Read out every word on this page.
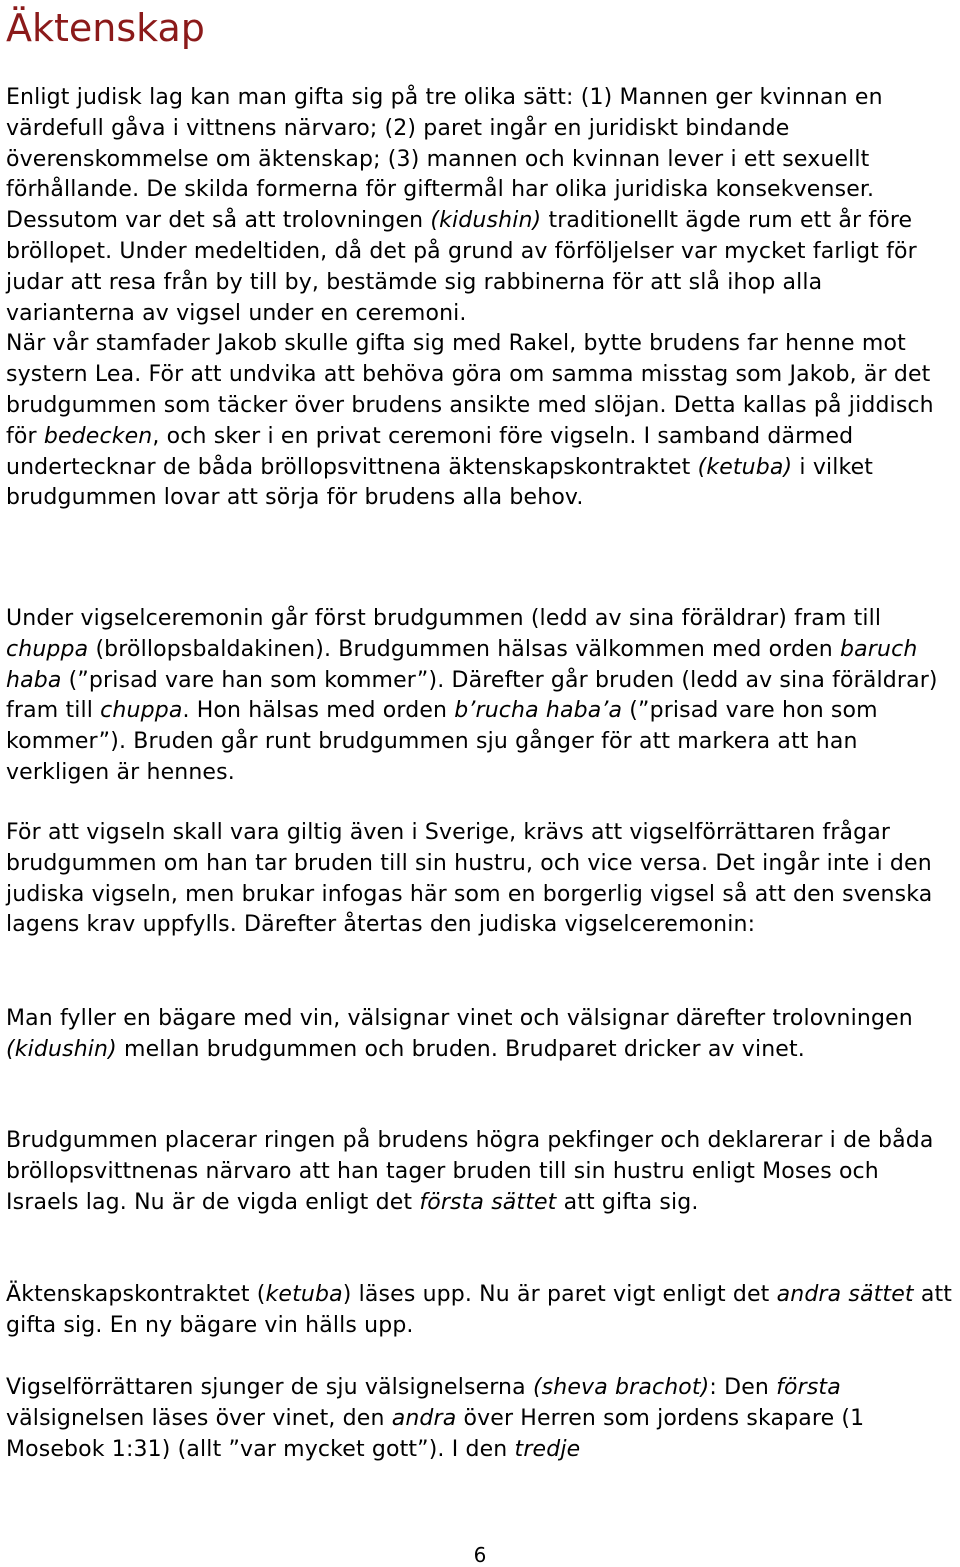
Äktenskap

Enligt judisk lag kan man gifta sig på tre olika sätt: (1) Mannen ger kvinnan en värdefull gåva i vittnens närvaro; (2) paret ingår en juridiskt bindande överenskommelse om äktenskap; (3) mannen och kvinnan lever i ett sexuellt förhållande. De skilda formerna för giftermål har olika juridiska konsekvenser. Dessutom var det så att trolovningen (kidushin) traditionellt ägde rum ett år före bröllopet. Under medeltiden, då det på grund av förföljelser var mycket farligt för judar att resa från by till by, bestämde sig rabbinerna för att slå ihop alla varianterna av vigsel under en ceremoni.
När vår stamfader Jakob skulle gifta sig med Rakel, bytte brudens far henne mot systern Lea. För att undvika att behöva göra om samma misstag som Jakob, är det brudgummen som täcker över brudens ansikte med slöjan. Detta kallas på jiddisch för bedecken, och sker i en privat ceremoni före vigseln. I samband därmed undertecknar de båda bröllopsvittnena äktenskapskontraktet (ketuba) i vilket brudgummen lovar att sörja för brudens alla behov.

Under vigselceremonin går först brudgummen (ledd av sina föräldrar) fram till chuppa (bröllopsbaldakinen). Brudgummen hälsas välkommen med orden baruch haba (”prisad vare han som kommer”). Därefter går bruden (ledd av sina föräldrar) fram till chuppa. Hon hälsas med orden b’rucha haba’a (”prisad vare hon som kommer”). Bruden går runt brudgummen sju gånger för att markera att han verkligen är hennes.

För att vigseln skall vara giltig även i Sverige, krävs att vigselförrättaren frågar brudgummen om han tar bruden till sin hustru, och vice versa. Det ingår inte i den judiska vigseln, men brukar infogas här som en borgerlig vigsel så att den svenska lagens krav uppfylls. Därefter återtas den judiska vigselceremonin:

Man fyller en bägare med vin, välsignar vinet och välsignar därefter trolovningen (kidushin) mellan brudgummen och bruden. Brudparet dricker av vinet.

Brudgummen placerar ringen på brudens högra pekfinger och deklarerar i de båda bröllopsvittnenas närvaro att han tager bruden till sin hustru enligt Moses och Israels lag. Nu är de vigda enligt det första sättet att gifta sig.

Äktenskapskontraktet (ketuba) läses upp. Nu är paret vigt enligt det andra sättet att gifta sig. En ny bägare vin hälls upp.

Vigselförrättaren sjunger de sju välsignelserna (sheva brachot): Den första välsignelsen läses över vinet, den andra över Herren som jordens skapare (1 Mosebok 1:31) (allt ”var mycket gott”). I den tredje

6
